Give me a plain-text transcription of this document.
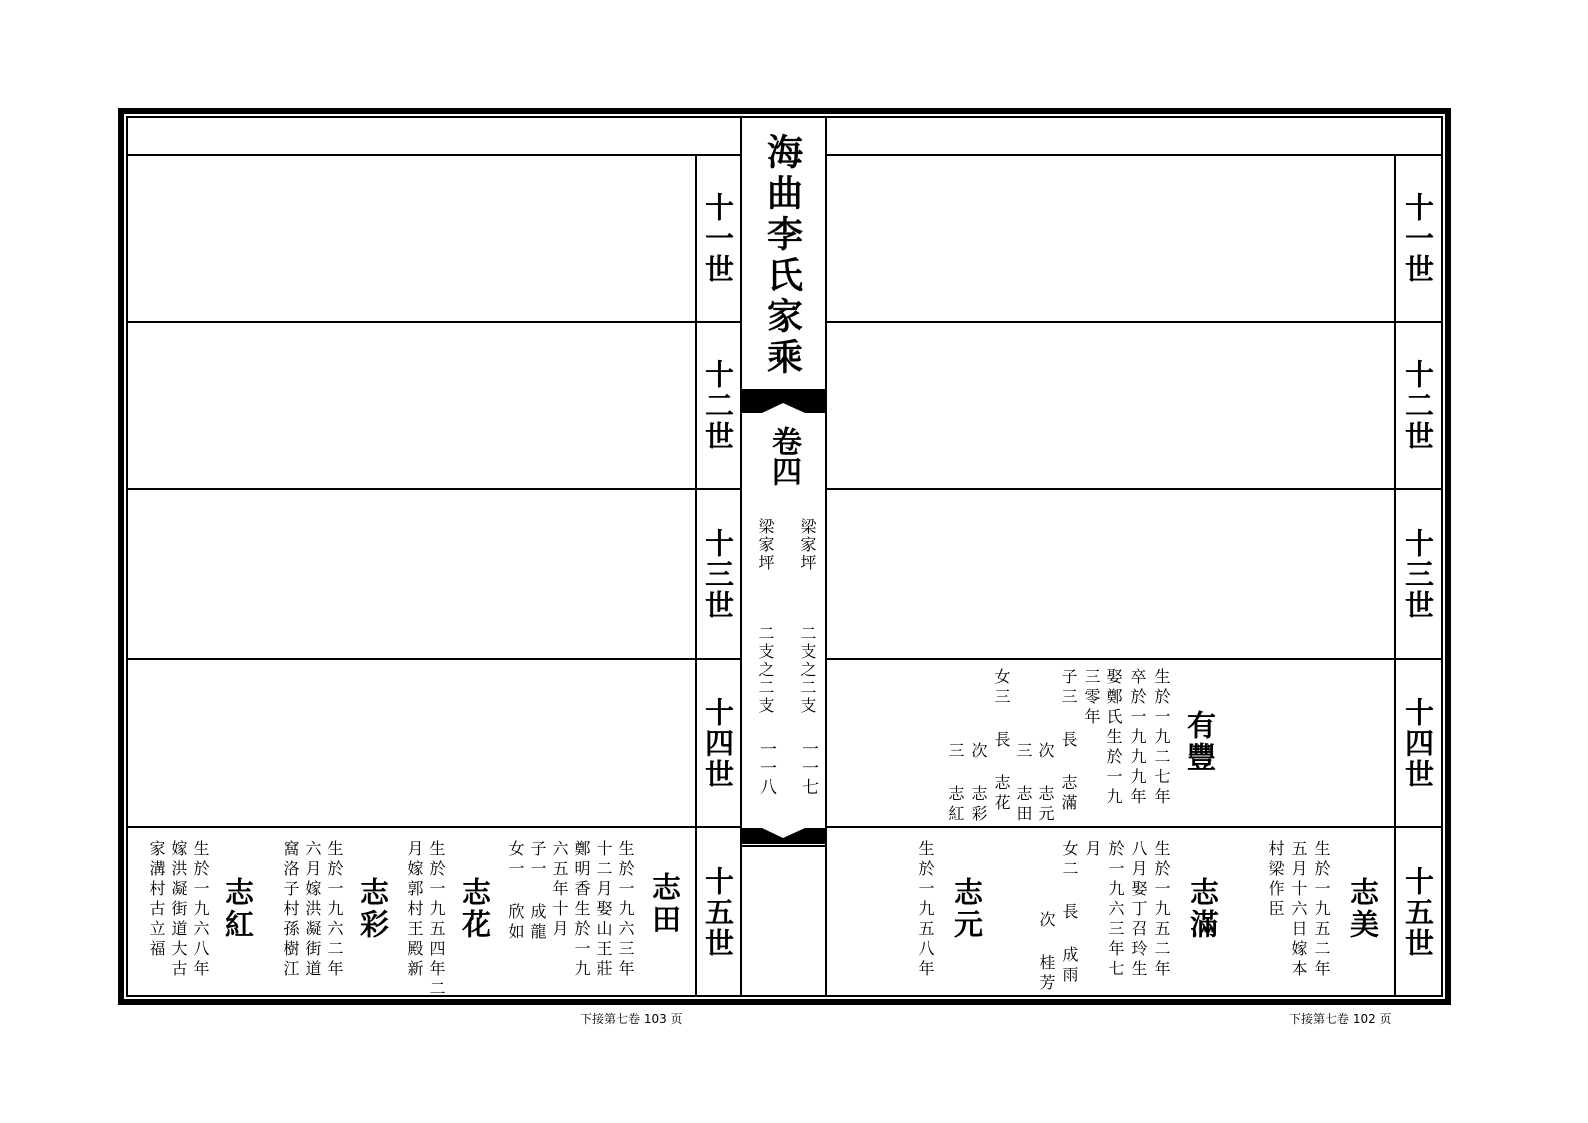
海曲李氏家乘
卷四
梁家坪
二支之二支
一一七
梁家坪
二支之二支
一一八
十一世
十二世
十三世
十四世
十五世
十一世
十二世
十三世
十四世
十五世
有豐
生於一九二七年
卒於一九九九年
娶鄭氏生於一九
三零年
子三 長 志滿
次 志元
三 志田
女三 長 志花
次 志彩
三 志紅
志美
生於一九五二年
五月十六日嫁本
村梁作臣
志滿
生於一九五二年
八月娶丁召玲生
於一九六三年七
月
女二 長 成雨
次 桂芳
志元
生於一九五八年
志田
生於一九六三年
十二月娶山王莊
鄭明香生於一九
六五年十月
子一 成龍
女一 欣如
志花
生於一九五四年二
月嫁郭村王殿新
志彩
生於一九六二年
六月嫁洪凝街道
窩洛子村孫樹江
志紅
生於一九六八年
嫁洪凝街道大古
家溝村古立福
下接第七卷 103 页	下接第七卷 102 页
